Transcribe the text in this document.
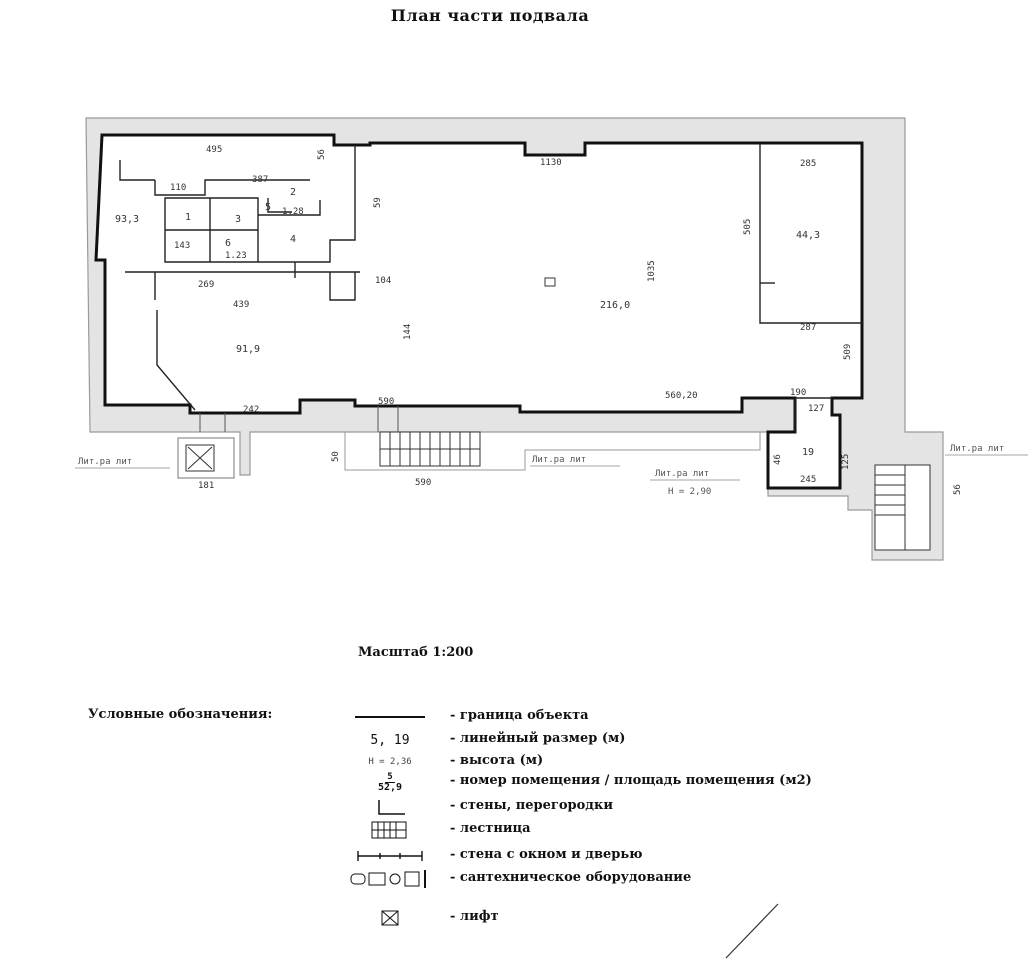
План части подвала
495
1130	285
387
1.28
269	104
439
1035
59
505
287
1.23
143
144
509
590
181
242	127
560,20
590
190
245
56
50
56
46	125
110
93,3
91,9
216,0
44,3
19
1
2
3
4
5
6
Лит.ра лит	Лит.ра лит
Лит.ра лит
Н = 2,90
Лит.ра лит
Масштаб 1:200
Условные обозначения:	- граница объекта
5, 19	- линейный размер (м)
H = 2,36	- высота (м)
$\frac{5}{52,9}$	- номер помещения / площадь помещения (м2)
- стены, перегородки
- лестница
- стена с окном и дверью
- сантехническое оборудование
- лифт
